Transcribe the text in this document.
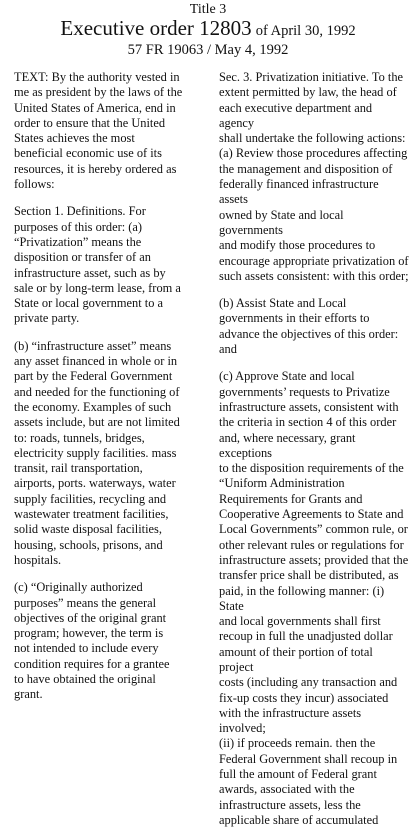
Title 3
Executive order 12803 of April 30, 1992
57 FR 19063 / May 4, 1992

TEXT: By the authority vested in
me as president by the laws of the
United States of America, end in
order to ensure that the United
States achieves the most
beneficial economic use of its
resources, it is hereby ordered as
follows:

Section 1. Definitions. For
purposes of this order: (a)
“Privatization” means the
disposition or transfer of an
infrastructure asset, such as by
sale or by long-term lease, from a
State or local government to a
private party.

(b) “infrastructure asset” means
any asset financed in whole or in
part by the Federal Government
and needed for the functioning of
the economy. Examples of such
assets include, but are not limited
to: roads, tunnels, bridges,
electricity supply facilities. mass
transit, rail transportation,
airports, ports. waterways, water
supply facilities, recycling and
wastewater treatment facilities,
solid waste disposal facilities,
housing, schools, prisons, and
hospitals.

(c) “Originally authorized
purposes” means the general
objectives of the original grant
program; however, the term is
not intended to include every
condition requires for a grantee
to have obtained the original
grant.

Sec. 3. Privatization initiative. To the
extent permitted by law, the head of
each executive department and agency
shall undertake the following actions:
(a) Review those procedures affecting
the management and disposition of
federally financed infrastructure assets
owned by State and local governments
and modify those procedures to
encourage appropriate privatization of
such assets consistent: with this order;

(b) Assist State and Local
governments in their efforts to
advance the objectives of this order:
and

(c) Approve State and local
governments’ requests to Privatize
infrastructure assets, consistent with
the criteria in section 4 of this order
and, where necessary, grant exceptions
to the disposition requirements of the
“Uniform Administration
Requirements for Grants and
Cooperative Agreements to State and
Local Governments” common rule, or
other relevant rules or regulations for
infrastructure assets; provided that the
transfer price shall be distributed, as
paid, in the following manner: (i) State
and local governments shall first
recoup in full the unadjusted dollar
amount of their portion of total project
costs (including any transaction and
fix-up costs they incur) associated
with the infrastructure assets involved;
(ii) if proceeds remain. then the
Federal Government shall recoup in
full the amount of Federal grant
awards, associated with the
infrastructure assets, less the
applicable share of accumulated
